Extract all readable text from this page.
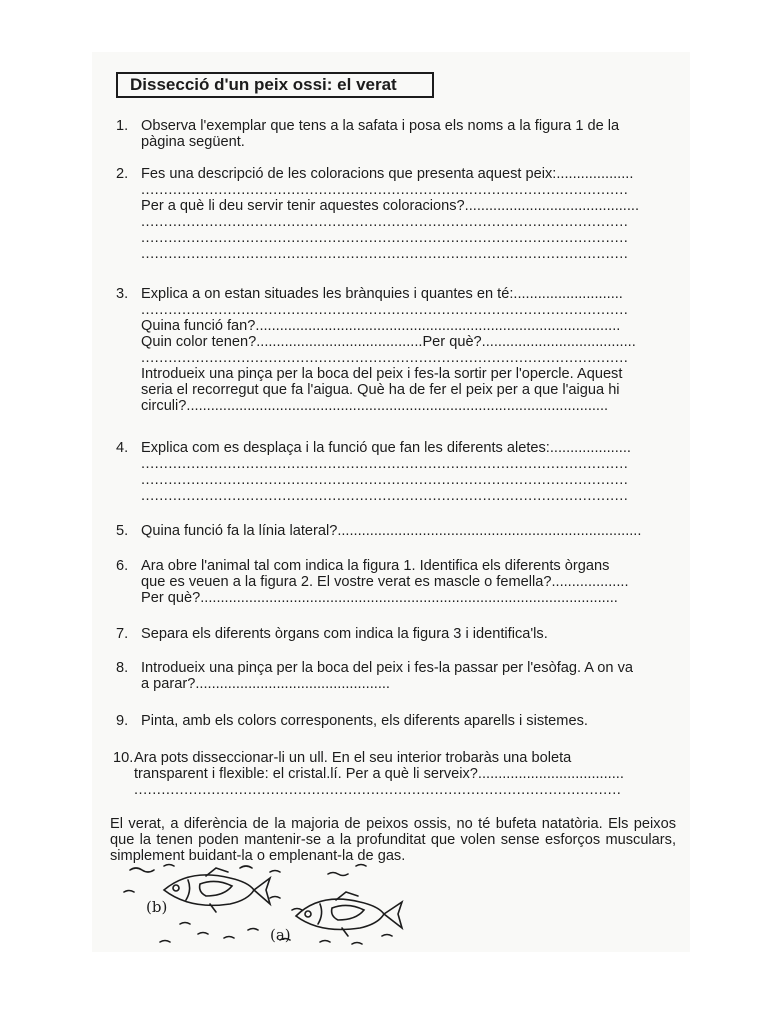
Dissecció d'un peix ossi: el verat
1. Observa l'exemplar que tens a la safata i posa els noms a la figura 1 de la
pàgina següent.
2. Fes una descripció de les coloracions que presenta aquest peix:...................
...........................................................................................................
Per a què li deu servir tenir aquestes coloracions?...........................................
...........................................................................................................
...........................................................................................................
...........................................................................................................
3. Explica a on estan situades les brànquies i quantes en té:...........................
...........................................................................................................
Quina funció fan?..........................................................................................
Quin color tenen?.........................................Per què?......................................
...........................................................................................................
Introdueix una pinça per la boca del peix i fes-la sortir per l'opercle. Aquest
seria el recorregut que fa l'aigua. Què ha de fer el peix per a que l'aigua hi
circuli?........................................................................................................
4. Explica com es desplaça i la funció que fan les diferents aletes:....................
...........................................................................................................
...........................................................................................................
...........................................................................................................
5. Quina funció fa la línia lateral?...........................................................................
6. Ara obre l'animal tal com indica la figura 1. Identifica els diferents òrgans
que es veuen a la figura 2. El vostre verat es mascle o femella?...................
Per què?.......................................................................................................
7. Separa els diferents òrgans com indica la figura 3 i identifica'ls.
8. Introdueix una pinça per la boca del peix i fes-la passar per l'esòfag. A on va
a parar?................................................
9. Pinta, amb els colors corresponents, els diferents aparells i sistemes.
10. Ara pots disseccionar-li un ull. En el seu interior trobaràs una boleta
transparent i flexible: el cristal.lí. Per a què li serveix?....................................
...........................................................................................................
El verat, a diferència de la majoria de peixos ossis, no té bufeta natatòria. Els peixos que la tenen poden mantenir-se a la profunditat que volen sense esforços musculars, simplement buidant-la o emplenant-la de gas.
(b)
(a)
